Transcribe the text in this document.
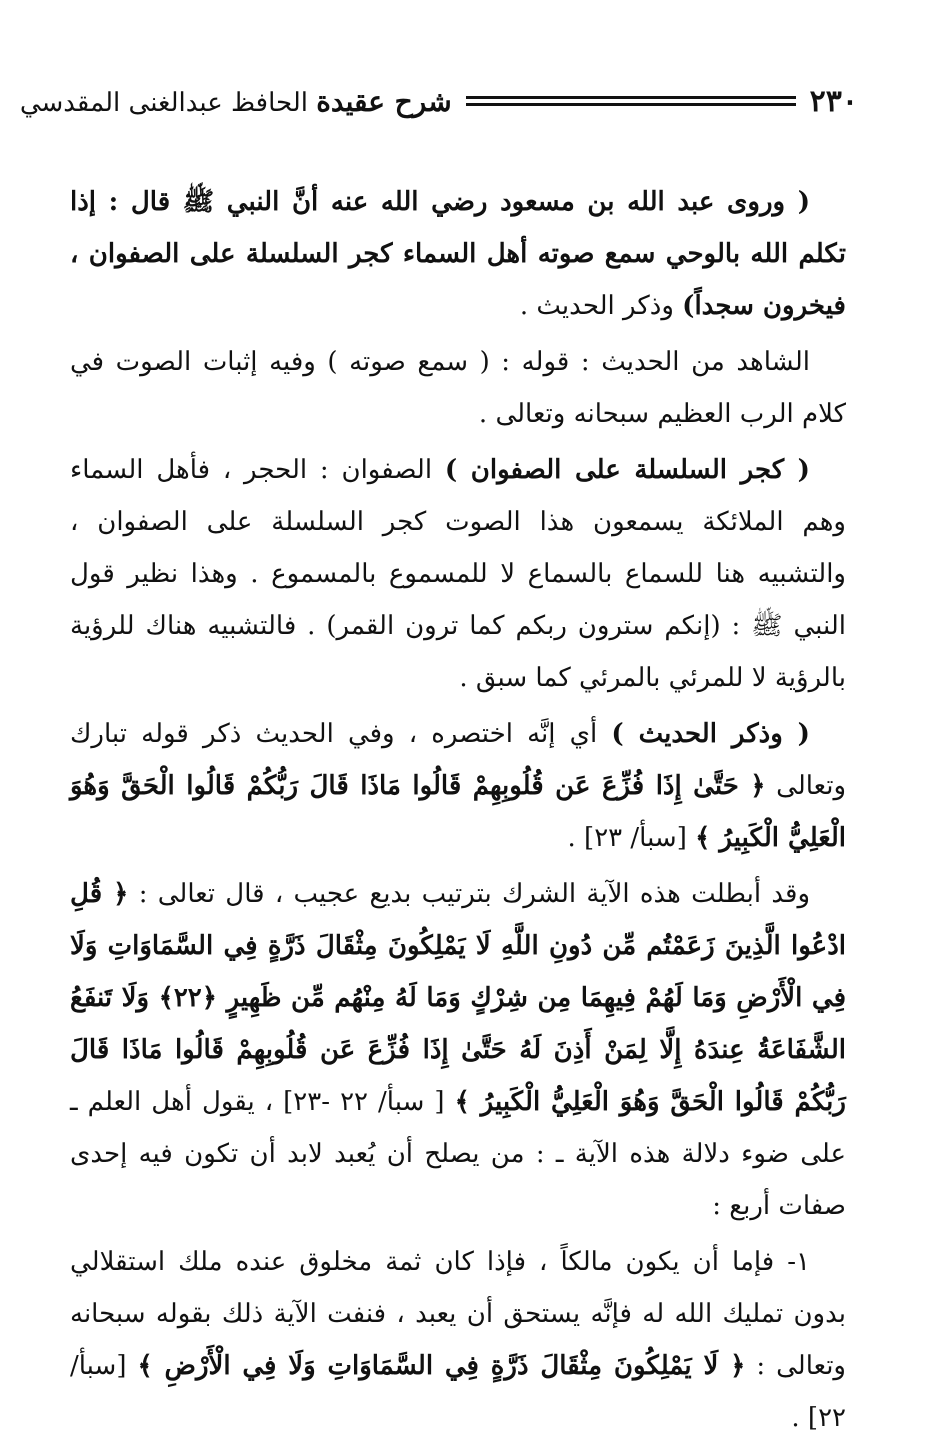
٢٣٠
شرح عقيدة الحافظ عبدالغنى المقدسي

( وروى عبد الله بن مسعود رضي الله عنه أنَّ النبي ﷺ قال : إذا تكلم الله بالوحي سمع صوته أهل السماء كجر السلسلة على الصفوان ، فيخرون سجداً) وذكر الحديث .

الشاهد من الحديث : قوله : ( سمع صوته ) وفيه إثبات الصوت في كلام الرب العظيم سبحانه وتعالى .

( كجر السلسلة على الصفوان ) الصفوان : الحجر ، فأهل السماء وهم الملائكة يسمعون هذا الصوت كجر السلسلة على الصفوان ، والتشبيه هنا للسماع بالسماع لا للمسموع بالمسموع . وهذا نظير قول النبي ﷺ : (إنكم سترون ربكم كما ترون القمر) . فالتشبيه هناك للرؤية بالرؤية لا للمرئي بالمرئي كما سبق .

( وذكر الحديث ) أي إنَّه اختصره ، وفي الحديث ذكر قوله تبارك وتعالى ﴿ حَتَّىٰ إِذَا فُزِّعَ عَن قُلُوبِهِمْ قَالُوا مَاذَا قَالَ رَبُّكُمْ قَالُوا الْحَقَّ وَهُوَ الْعَلِيُّ الْكَبِيرُ ﴾ [سبأ/ ٢٣] .

وقد أبطلت هذه الآية الشرك بترتيب بديع عجيب ، قال تعالى : ﴿ قُلِ ادْعُوا الَّذِينَ زَعَمْتُم مِّن دُونِ اللَّهِ لَا يَمْلِكُونَ مِثْقَالَ ذَرَّةٍ فِي السَّمَاوَاتِ وَلَا فِي الْأَرْضِ وَمَا لَهُمْ فِيهِمَا مِن شِرْكٍ وَمَا لَهُ مِنْهُم مِّن ظَهِيرٍ ﴿٢٢﴾ وَلَا تَنفَعُ الشَّفَاعَةُ عِندَهُ إِلَّا لِمَنْ أَذِنَ لَهُ حَتَّىٰ إِذَا فُزِّعَ عَن قُلُوبِهِمْ قَالُوا مَاذَا قَالَ رَبُّكُمْ قَالُوا الْحَقَّ وَهُوَ الْعَلِيُّ الْكَبِيرُ ﴾ [ سبأ/ ٢٢ -٢٣] ، يقول أهل العلم ـ على ضوء دلالة هذه الآية ـ : من يصلح أن يُعبد لابد أن تكون فيه إحدى صفات أربع :

١- فإما أن يكون مالكاً ، فإذا كان ثمة مخلوق عنده ملك استقلالي بدون تمليك الله له فإنَّه يستحق أن يعبد ، فنفت الآية ذلك بقوله سبحانه وتعالى : ﴿ لَا يَمْلِكُونَ مِثْقَالَ ذَرَّةٍ فِي السَّمَاوَاتِ وَلَا فِي الْأَرْضِ ﴾ [سبأ/ ٢٢] .
